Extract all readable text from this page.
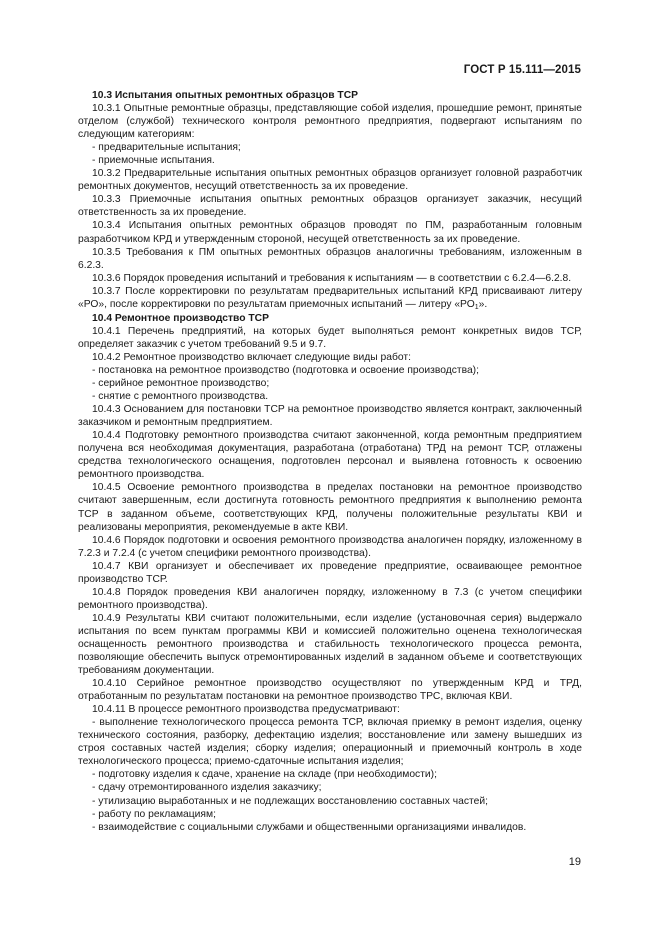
ГОСТ Р 15.111—2015

10.3 Испытания опытных ремонтных образцов ТСР

10.3.1 Опытные ремонтные образцы, представляющие собой изделия, прошедшие ремонт, принятые отделом (службой) технического контроля ремонтного предприятия, подвергают испытаниям по следующим категориям:

- предварительные испытания;

- приемочные испытания.

10.3.2 Предварительные испытания опытных ремонтных образцов организует головной разработчик ремонтных документов, несущий ответственность за их проведение.

10.3.3 Приемочные испытания опытных ремонтных образцов организует заказчик, несущий ответственность за их проведение.

10.3.4 Испытания опытных ремонтных образцов проводят по ПМ, разработанным головным разработчиком КРД и утвержденным стороной, несущей ответственность за их проведение.

10.3.5 Требования к ПМ опытных ремонтных образцов аналогичны требованиям, изложенным в 6.2.3.

10.3.6 Порядок проведения испытаний и требования к испытаниям — в соответствии с 6.2.4—6.2.8.

10.3.7 После корректировки по результатам предварительных испытаний КРД присваивают литеру «РО», после корректировки по результатам приемочных испытаний — литеру «$РО_1$».

10.4 Ремонтное производство ТСР

10.4.1 Перечень предприятий, на которых будет выполняться ремонт конкретных видов ТСР, определяет заказчик с учетом требований 9.5 и 9.7.

10.4.2 Ремонтное производство включает следующие виды работ:

- постановка на ремонтное производство (подготовка и освоение производства);

- серийное ремонтное производство;

- снятие с ремонтного производства.

10.4.3 Основанием для постановки ТСР на ремонтное производство является контракт, заключенный заказчиком и ремонтным предприятием.

10.4.4 Подготовку ремонтного производства считают законченной, когда ремонтным предприятием получена вся необходимая документация, разработана (отработана) ТРД на ремонт ТСР, отлажены средства технологического оснащения, подготовлен персонал и выявлена готовность к освоению ремонтного производства.

10.4.5 Освоение ремонтного производства в пределах постановки на ремонтное производство считают завершенным, если достигнута готовность ремонтного предприятия к выполнению ремонта ТСР в заданном объеме, соответствующих КРД, получены положительные результаты КВИ и реализованы мероприятия, рекомендуемые в акте КВИ.

10.4.6 Порядок подготовки и освоения ремонтного производства аналогичен порядку, изложенному в 7.2.3 и 7.2.4 (с учетом специфики ремонтного производства).

10.4.7 КВИ организует и обеспечивает их проведение предприятие, осваивающее ремонтное производство ТСР.

10.4.8 Порядок проведения КВИ аналогичен порядку, изложенному в 7.3 (с учетом специфики ремонтного производства).

10.4.9 Результаты КВИ считают положительными, если изделие (установочная серия) выдержало испытания по всем пунктам программы КВИ и комиссией положительно оценена технологическая оснащенность ремонтного производства и стабильность технологического процесса ремонта, позволяющие обеспечить выпуск отремонтированных изделий в заданном объеме и соответствующих требованиям документации.

10.4.10 Серийное ремонтное производство осуществляют по утвержденным КРД и ТРД, отработанным по результатам постановки на ремонтное производство ТРС, включая КВИ.

10.4.11 В процессе ремонтного производства предусматривают:

- выполнение технологического процесса ремонта ТСР, включая приемку в ремонт изделия, оценку технического состояния, разборку, дефектацию изделия; восстановление или замену вышедших из строя составных частей изделия; сборку изделия; операционный и приемочный контроль в ходе технологического процесса; приемо-сдаточные испытания изделия;

- подготовку изделия к сдаче, хранение на складе (при необходимости);

- сдачу отремонтированного изделия заказчику;

- утилизацию выработанных и не подлежащих восстановлению составных частей;

- работу по рекламациям;

- взаимодействие с социальными службами и общественными организациями инвалидов.

19
